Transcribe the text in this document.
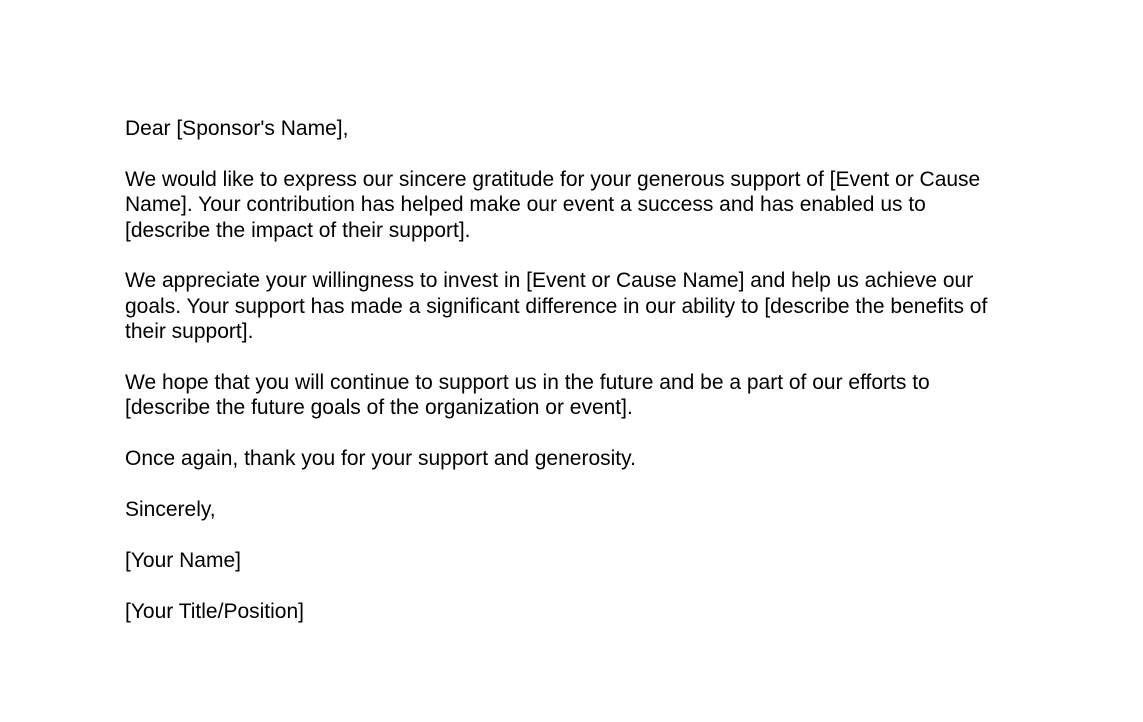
Dear [Sponsor's Name],

We would like to express our sincere gratitude for your generous support of [Event or Cause
Name]. Your contribution has helped make our event a success and has enabled us to
[describe the impact of their support].

We appreciate your willingness to invest in [Event or Cause Name] and help us achieve our
goals. Your support has made a significant difference in our ability to [describe the benefits of
their support].

We hope that you will continue to support us in the future and be a part of our efforts to
[describe the future goals of the organization or event].

Once again, thank you for your support and generosity.

Sincerely,

[Your Name]

[Your Title/Position]
